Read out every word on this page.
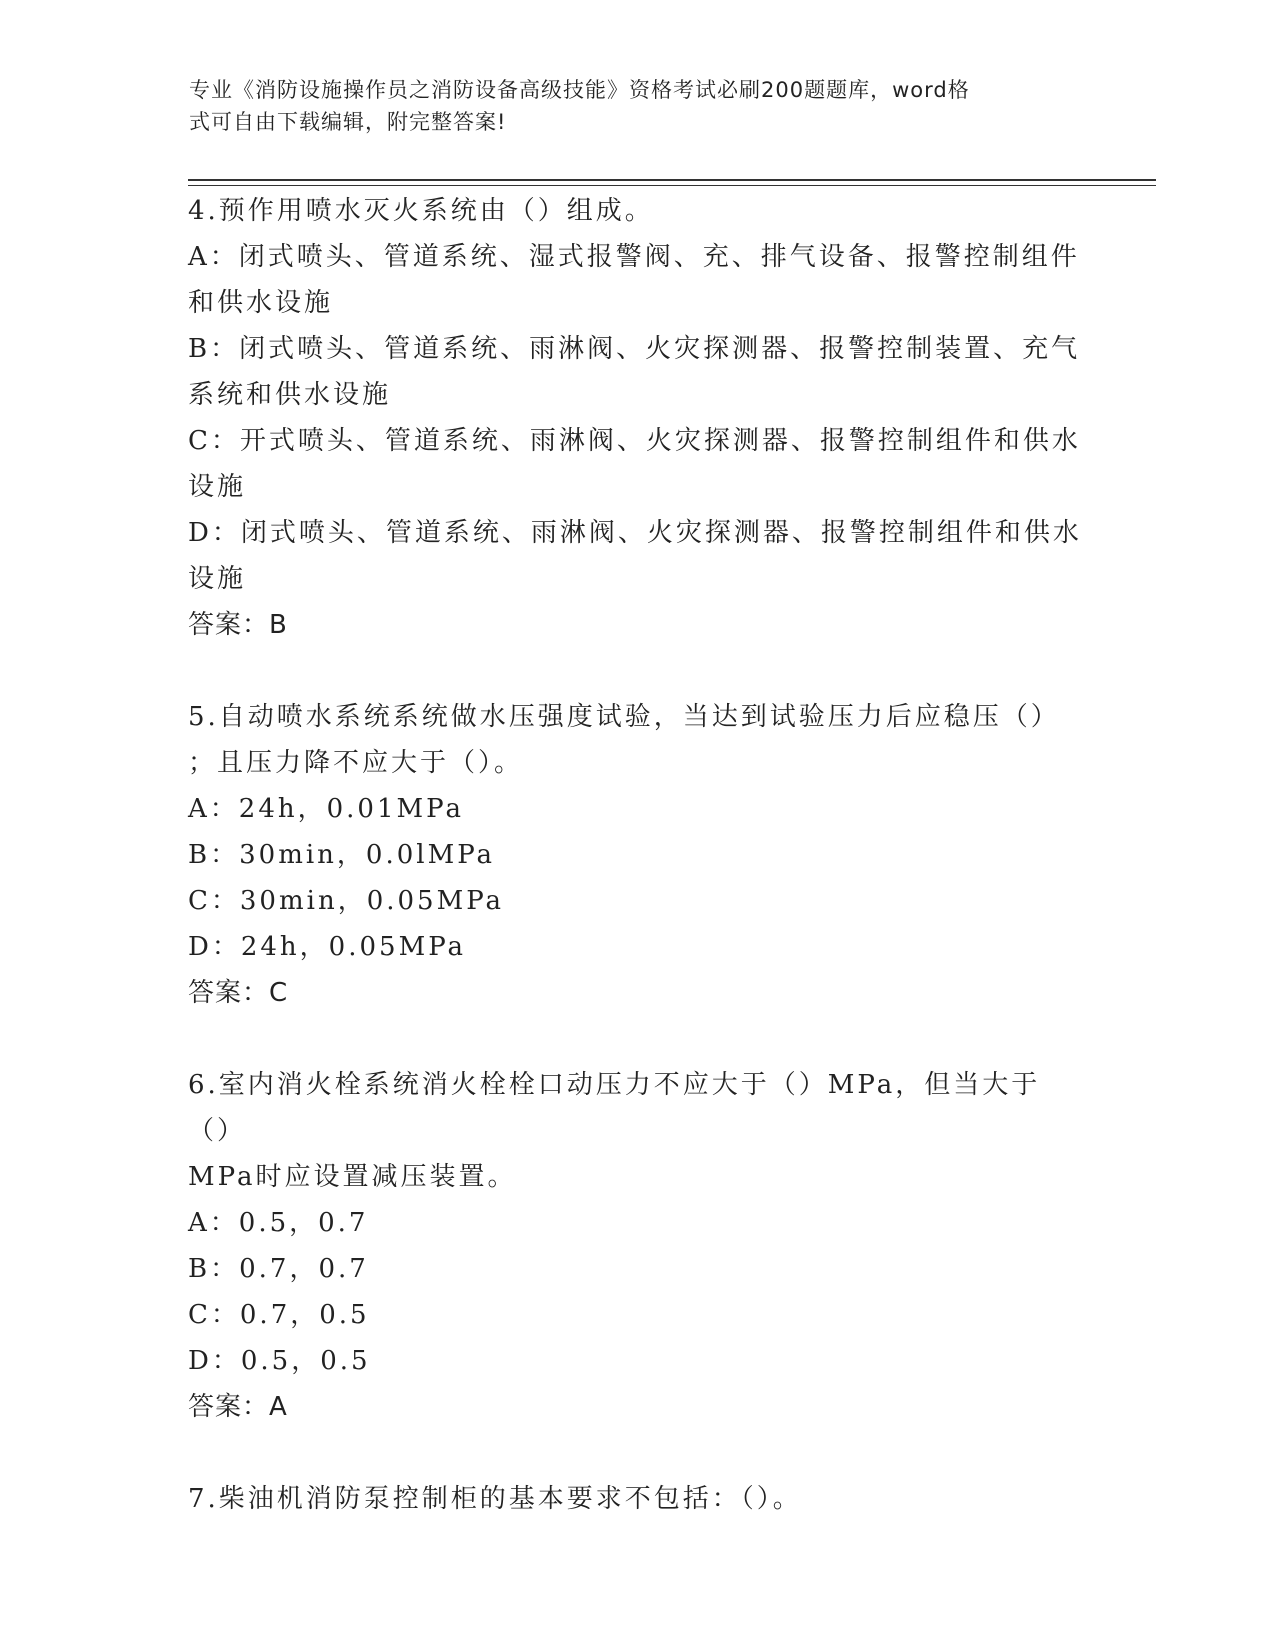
专业《消防设施操作员之消防设备高级技能》资格考试必刷200题题库，word格
式可自由下载编辑，附完整答案!
4.预作用喷水灭火系统由（）组成。
A：闭式喷头、管道系统、湿式报警阀、充、排气设备、报警控制组件
和供水设施
B：闭式喷头、管道系统、雨淋阀、火灾探测器、报警控制装置、充气
系统和供水设施
C：开式喷头、管道系统、雨淋阀、火灾探测器、报警控制组件和供水
设施
D：闭式喷头、管道系统、雨淋阀、火灾探测器、报警控制组件和供水
设施
答案：B
5.自动喷水系统系统做水压强度试验，当达到试验压力后应稳压（）
；且压力降不应大于（）。
A：24h，0.01MPa
B：30min，0.0lMPa
C：30min，0.05MPa
D：24h，0.05MPa
答案：C
6.室内消火栓系统消火栓栓口动压力不应大于（）MPa，但当大于（）
MPa时应设置减压装置。
A：0.5，0.7
B：0.7，0.7
C：0.7，0.5
D：0.5，0.5
答案：A
7.柴油机消防泵控制柜的基本要求不包括：（）。
